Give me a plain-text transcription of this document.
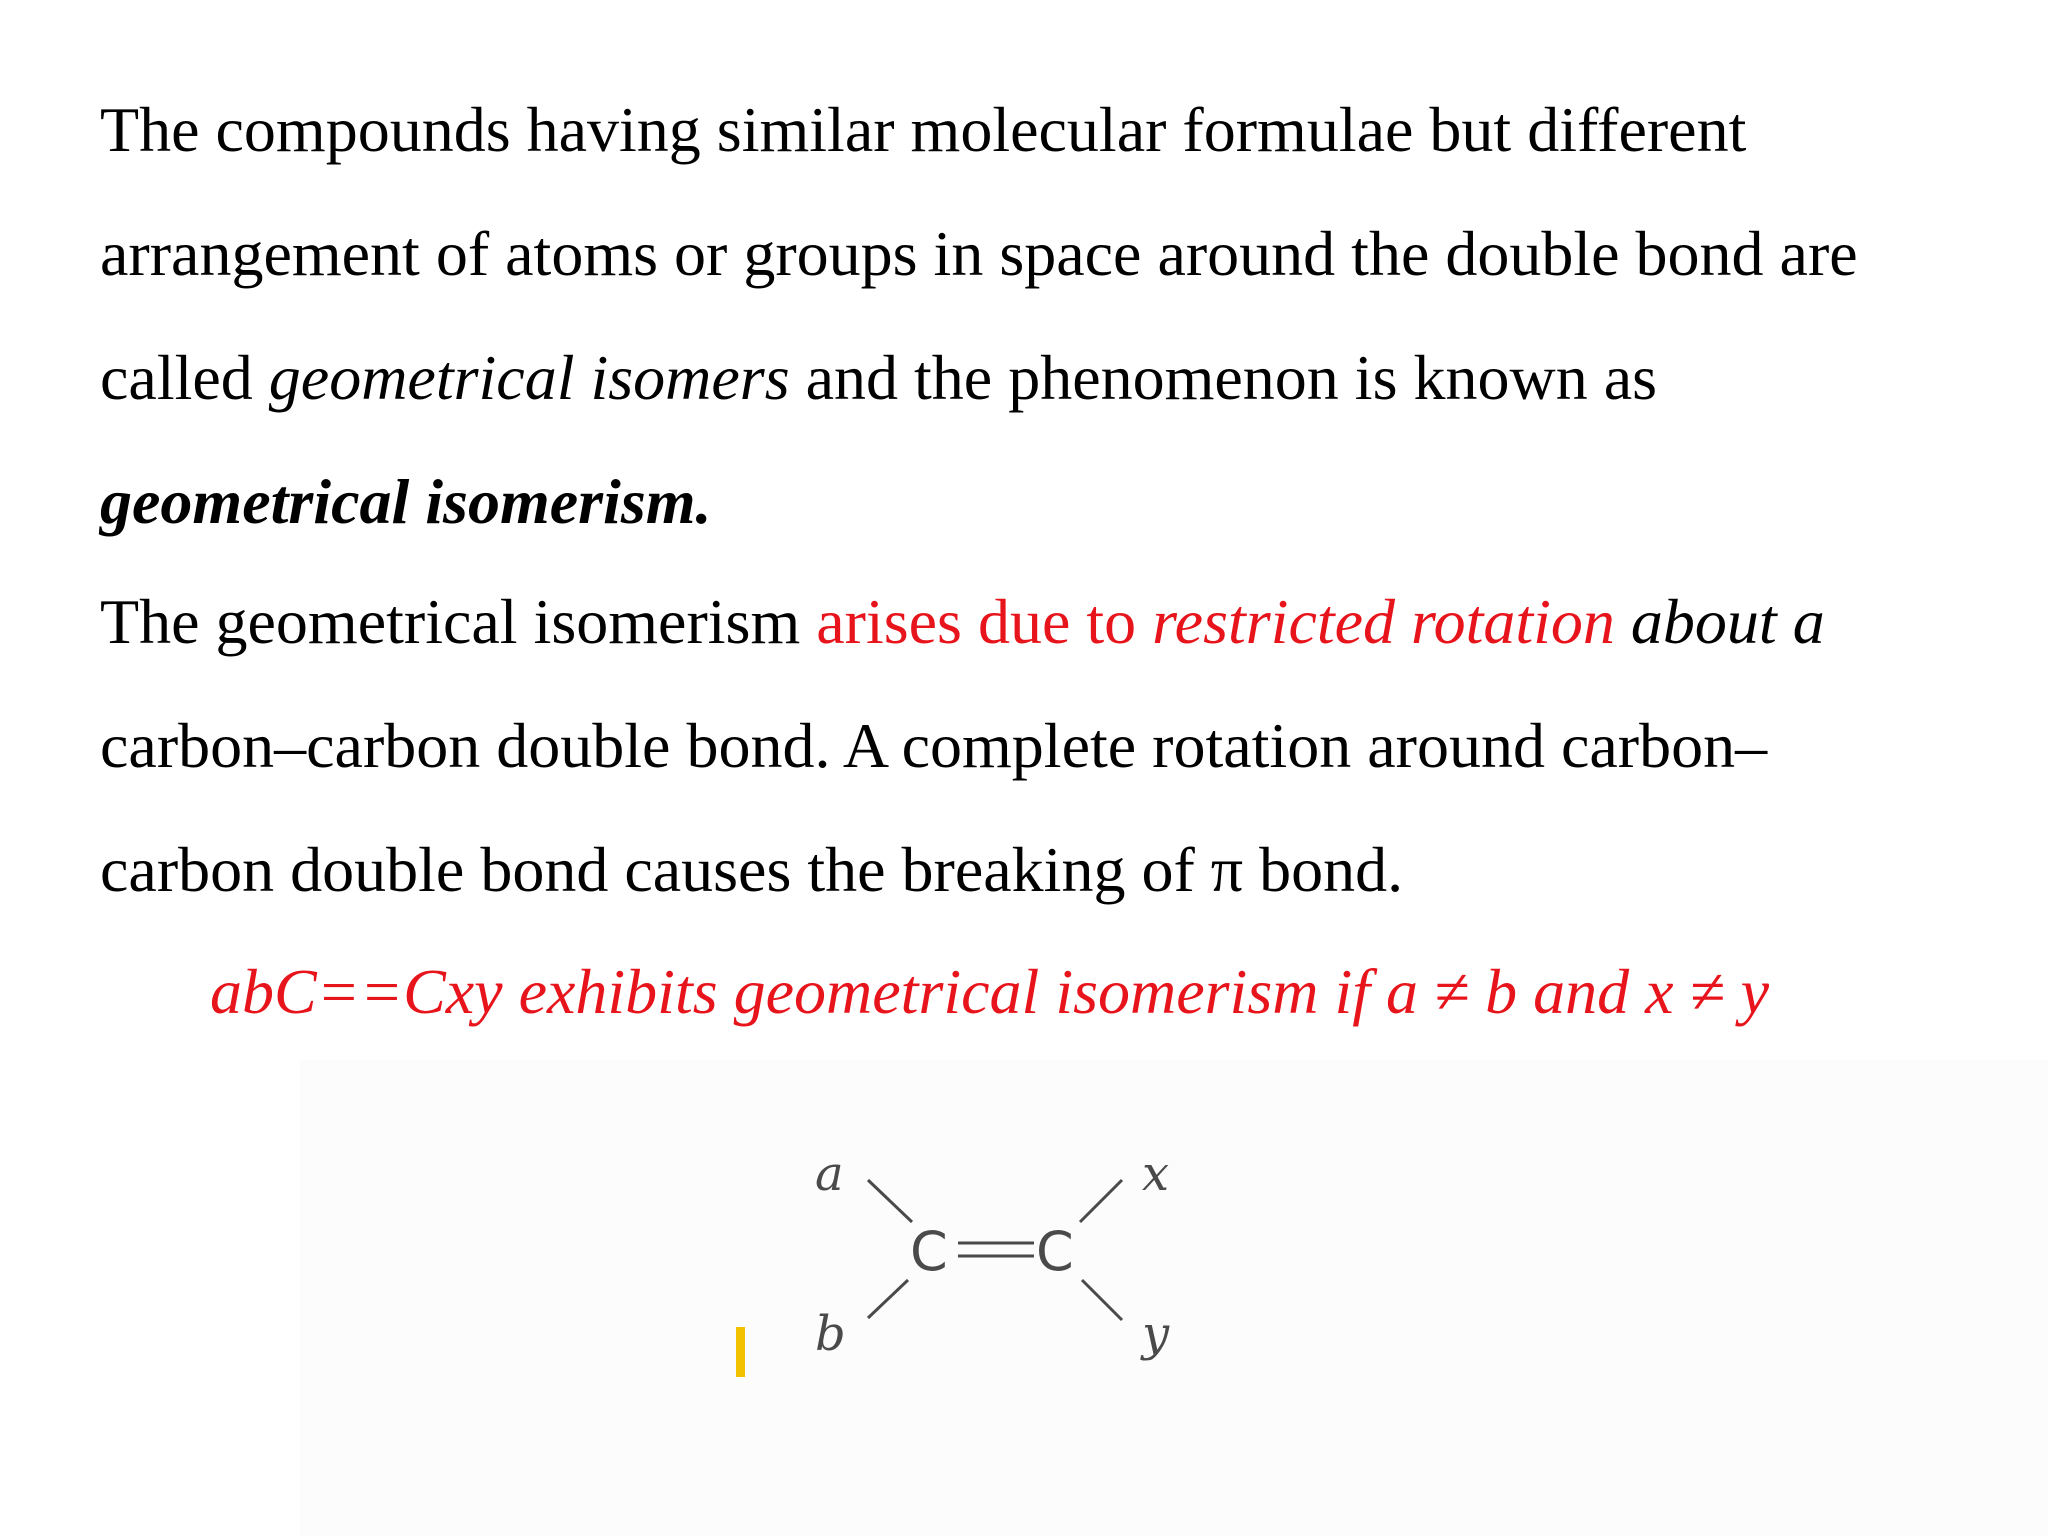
The compounds having similar molecular formulae but different
arrangement of atoms or groups in space around the double bond are
called geometrical isomers and the phenomenon is known as
geometrical isomerism.
The geometrical isomerism arises due to restricted rotation about a
carbon–carbon double bond. A complete rotation around carbon–
carbon double bond causes the breaking of π bond.
abC==Cxy exhibits geometrical isomerism if a ≠ b and x ≠ y
a
b
x
y
C C
